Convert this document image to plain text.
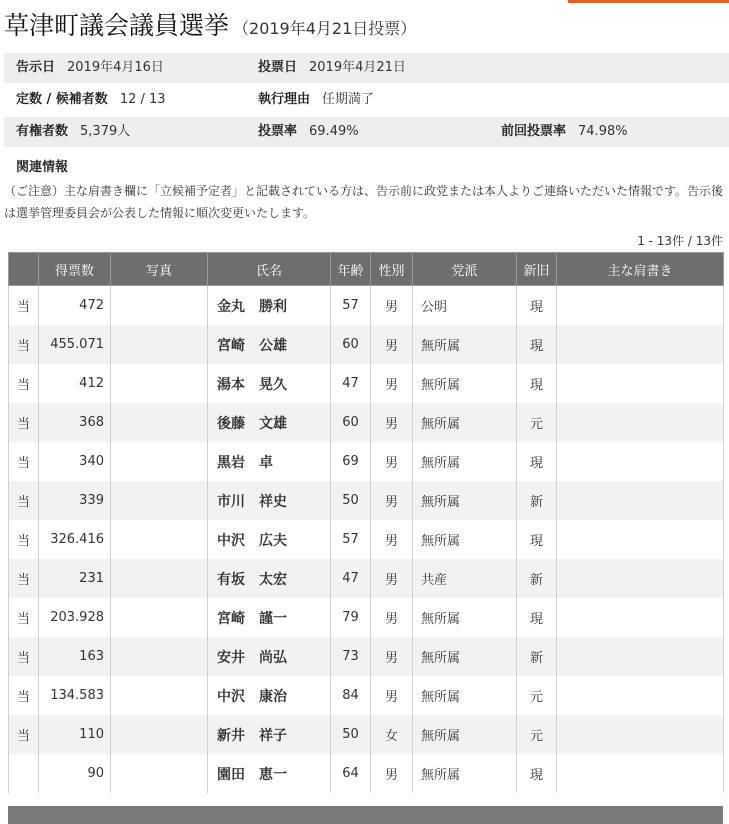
草津町議会議員選挙 （2019年4月21日投票）
告示日 2019年4月16日	投票日 2019年4月21日
定数 / 候補者数 12 / 13	執行理由 任期満了
有権者数 5,379人	投票率 69.49%	前回投票率 74.98%
関連情報
（ご注意）主な肩書き欄に「立候補予定者」と記載されている方は、告示前に政党または本人よりご連絡いただいた情報です。告示後は選挙管理委員会が公表した情報に順次変更いたします。
1 - 13件 / 13件
	得票数	写真	氏名	年齢	性別	党派	新旧	主な肩書き
当	472		金丸　勝利	57	男	公明	現	
当	455.071		宮崎　公雄	60	男	無所属	現	
当	412		湯本　晃久	47	男	無所属	現	
当	368		後藤　文雄	60	男	無所属	元	
当	340		黒岩　卓	69	男	無所属	現	
当	339		市川　祥史	50	男	無所属	新	
当	326.416		中沢　広夫	57	男	無所属	現	
当	231		有坂　太宏	47	男	共産	新	
当	203.928		宮崎　謹一	79	男	無所属	現	
当	163		安井　尚弘	73	男	無所属	新	
当	134.583		中沢　康治	84	男	無所属	元	
当	110		新井　祥子	50	女	無所属	元	
	90		園田　恵一	64	男	無所属	現	
